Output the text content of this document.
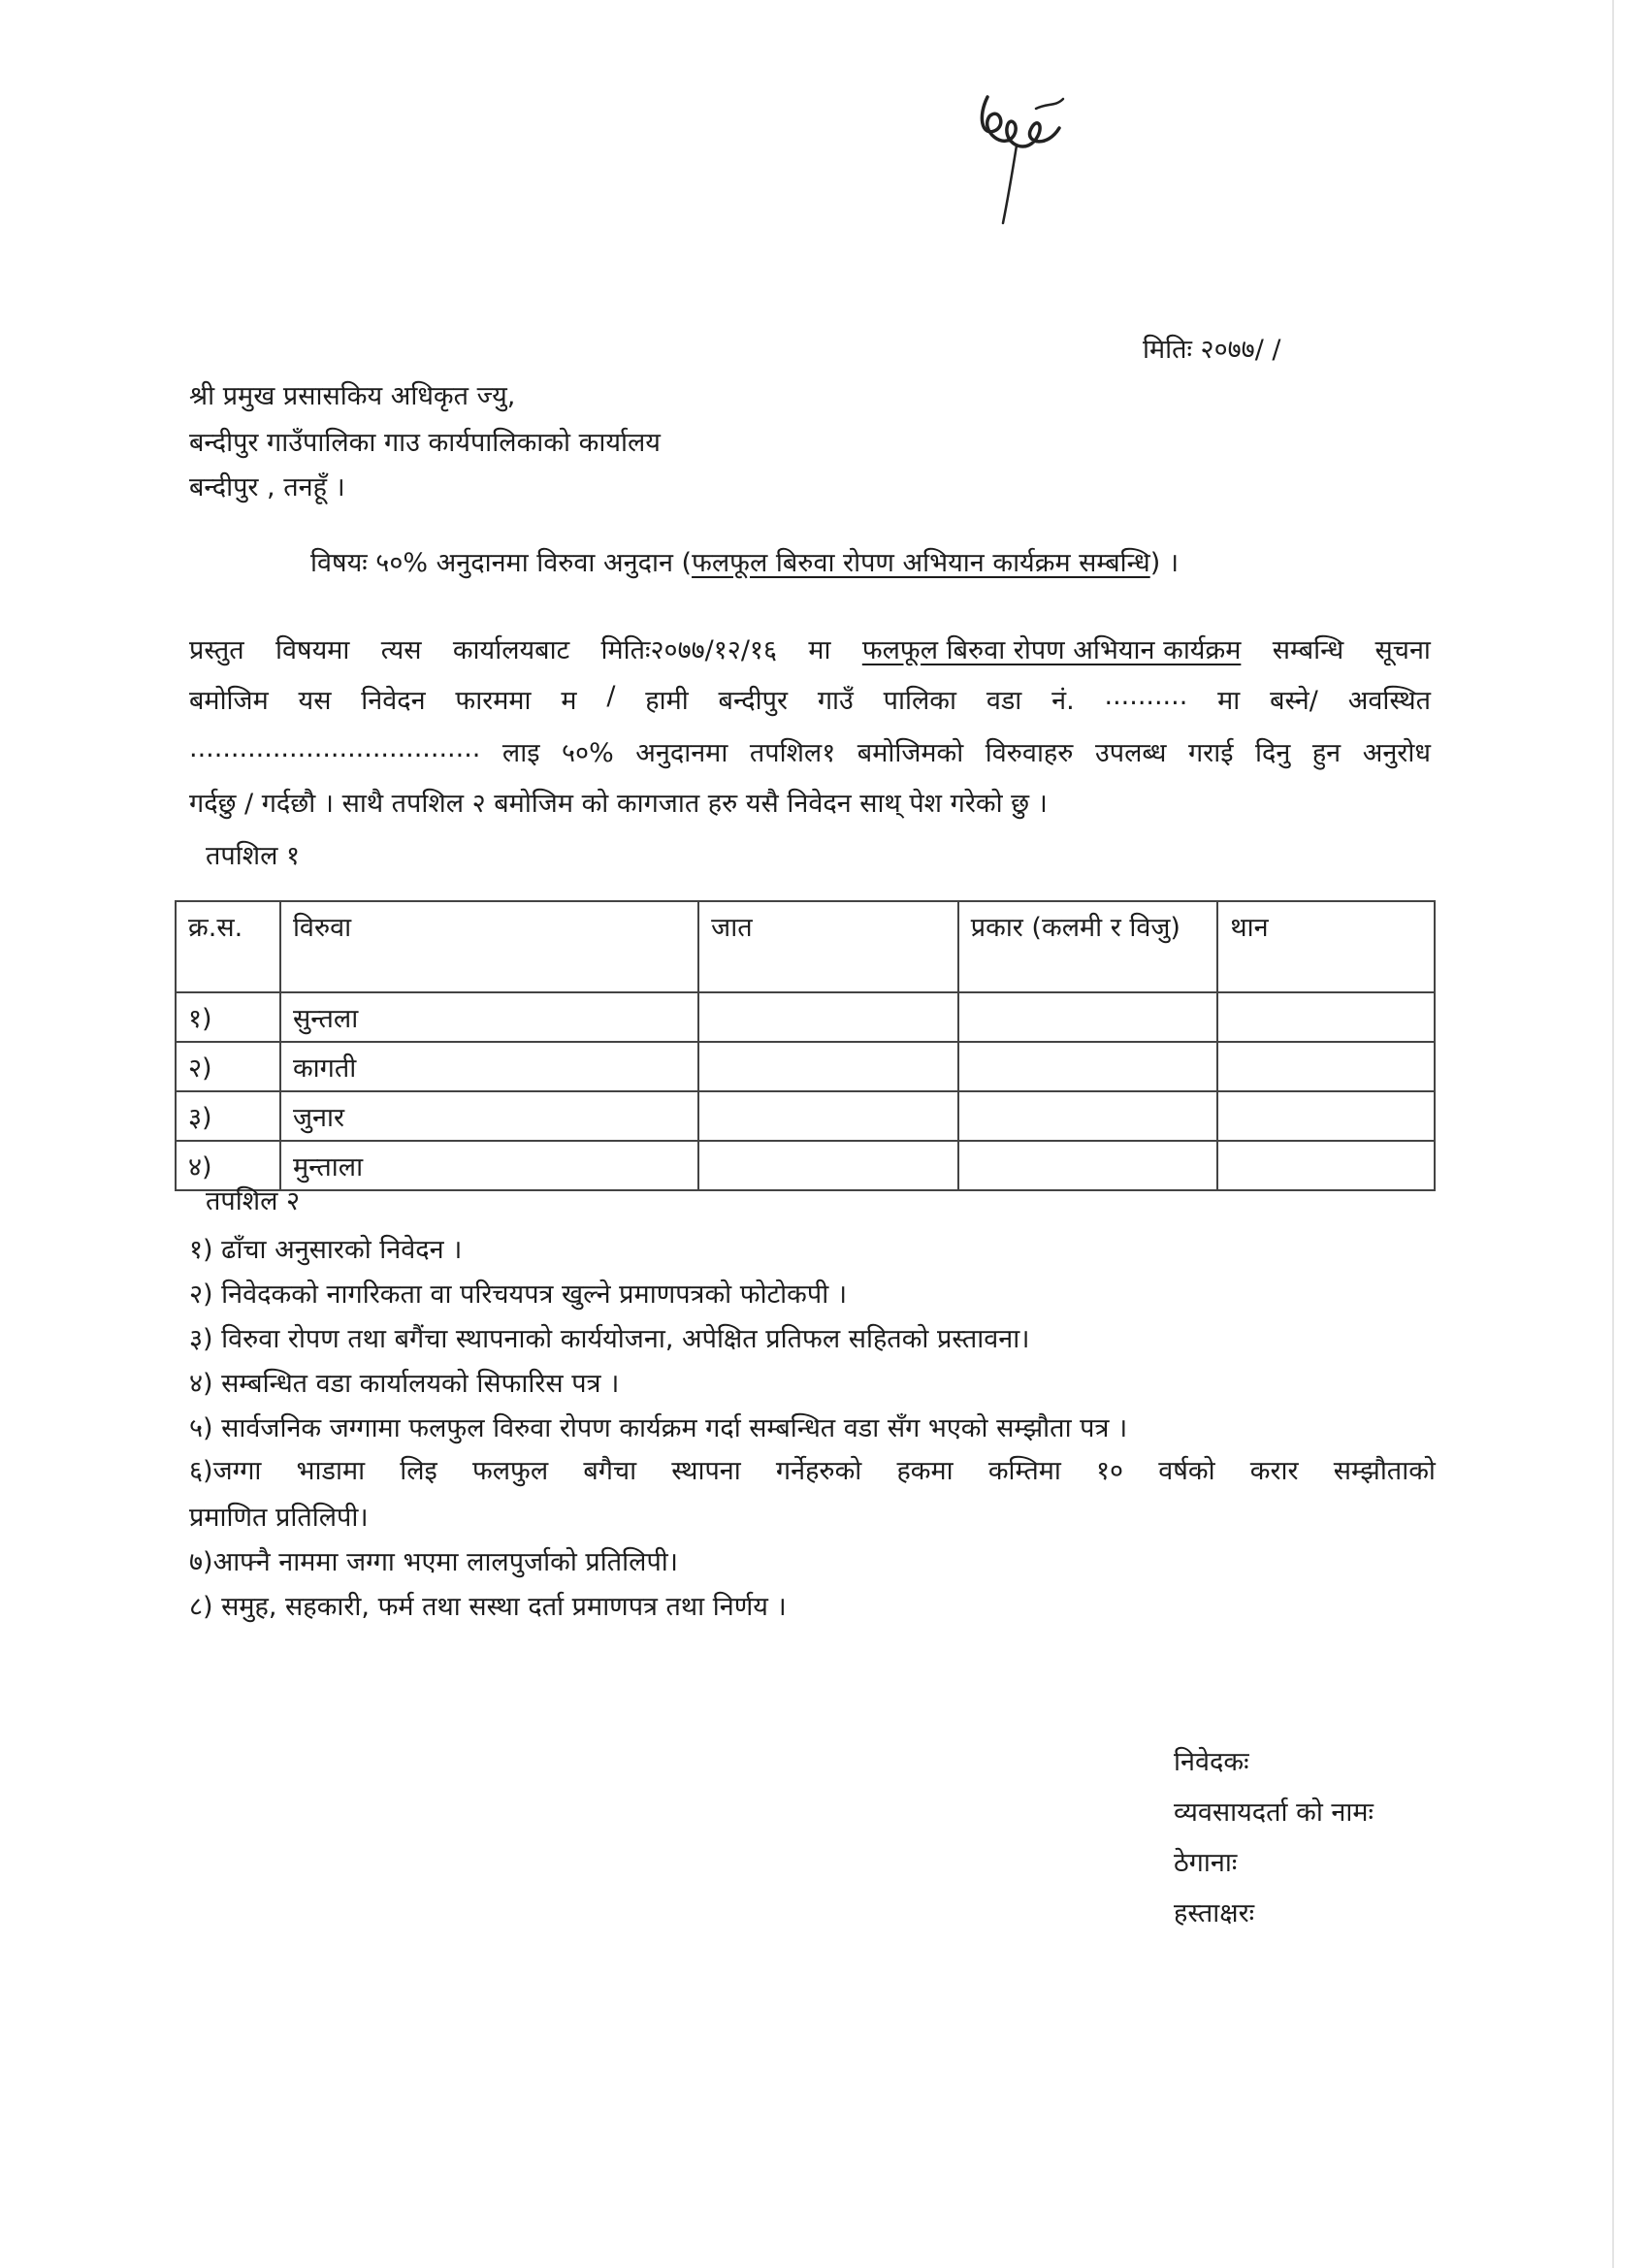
मितिः २०७७/ /
श्री प्रमुख प्रसासकिय अधिकृत ज्यु,
बन्दीपुर गाउँपालिका गाउ कार्यपालिकाको कार्यालय
बन्दीपुर , तनहूँ ।
विषयः ५०% अनुदानमा विरुवा अनुदान (फलफूल बिरुवा रोपण अभियान कार्यक्रम सम्बन्धि) ।
प्रस्तुत विषयमा त्यस कार्यालयबाट मितिः२०७७/१२/१६ मा फलफूल बिरुवा रोपण अभियान कार्यक्रम सम्बन्धि सूचना
बमोजिम यस निवेदन फारममा म / हामी बन्दीपुर गाउँ पालिका वडा नं. .......... मा बस्ने/ अवस्थित
................................... लाइ ५०% अनुदानमा तपशिल१ बमोजिमको विरुवाहरु उपलब्ध गराई दिनु हुन अनुरोध
गर्दछु / गर्दछौ । साथै तपशिल २ बमोजिम को कागजात हरु यसै निवेदन साथ् पेश गरेको छु ।
तपशिल १
क्र.स.	विरुवा	जात	प्रकार (कलमी र विजु)	थान
१)	सुन्तला			
२)	कागती			
३)	जुनार			
४)	मुन्ताला			
तपशिल २
१) ढाँचा अनुसारको निवेदन ।
२) निवेदकको नागरिकता वा परिचयपत्र खुल्ने प्रमाणपत्रको फोटोकपी ।
३) विरुवा रोपण तथा बगैंचा स्थापनाको कार्ययोजना, अपेक्षित प्रतिफल सहितको प्रस्तावना।
४) सम्बन्धित वडा कार्यालयको सिफारिस पत्र ।
५) सार्वजनिक जग्गामा फलफुल विरुवा रोपण कार्यक्रम गर्दा सम्बन्धित वडा सँग भएको सम्झौता पत्र ।
६)जग्गा भाडामा लिइ फलफुल बगैचा स्थापना गर्नेहरुको हकमा कम्तिमा १० वर्षको करार सम्झौताको
प्रमाणित प्रतिलिपी।
७)आफ्नै नाममा जग्गा भएमा लालपुर्जाको प्रतिलिपी।
८) समुह, सहकारी, फर्म तथा सस्था दर्ता प्रमाणपत्र तथा निर्णय ।
निवेदकः
व्यवसायदर्ता को नामः
ठेगानाः
हस्ताक्षरः
